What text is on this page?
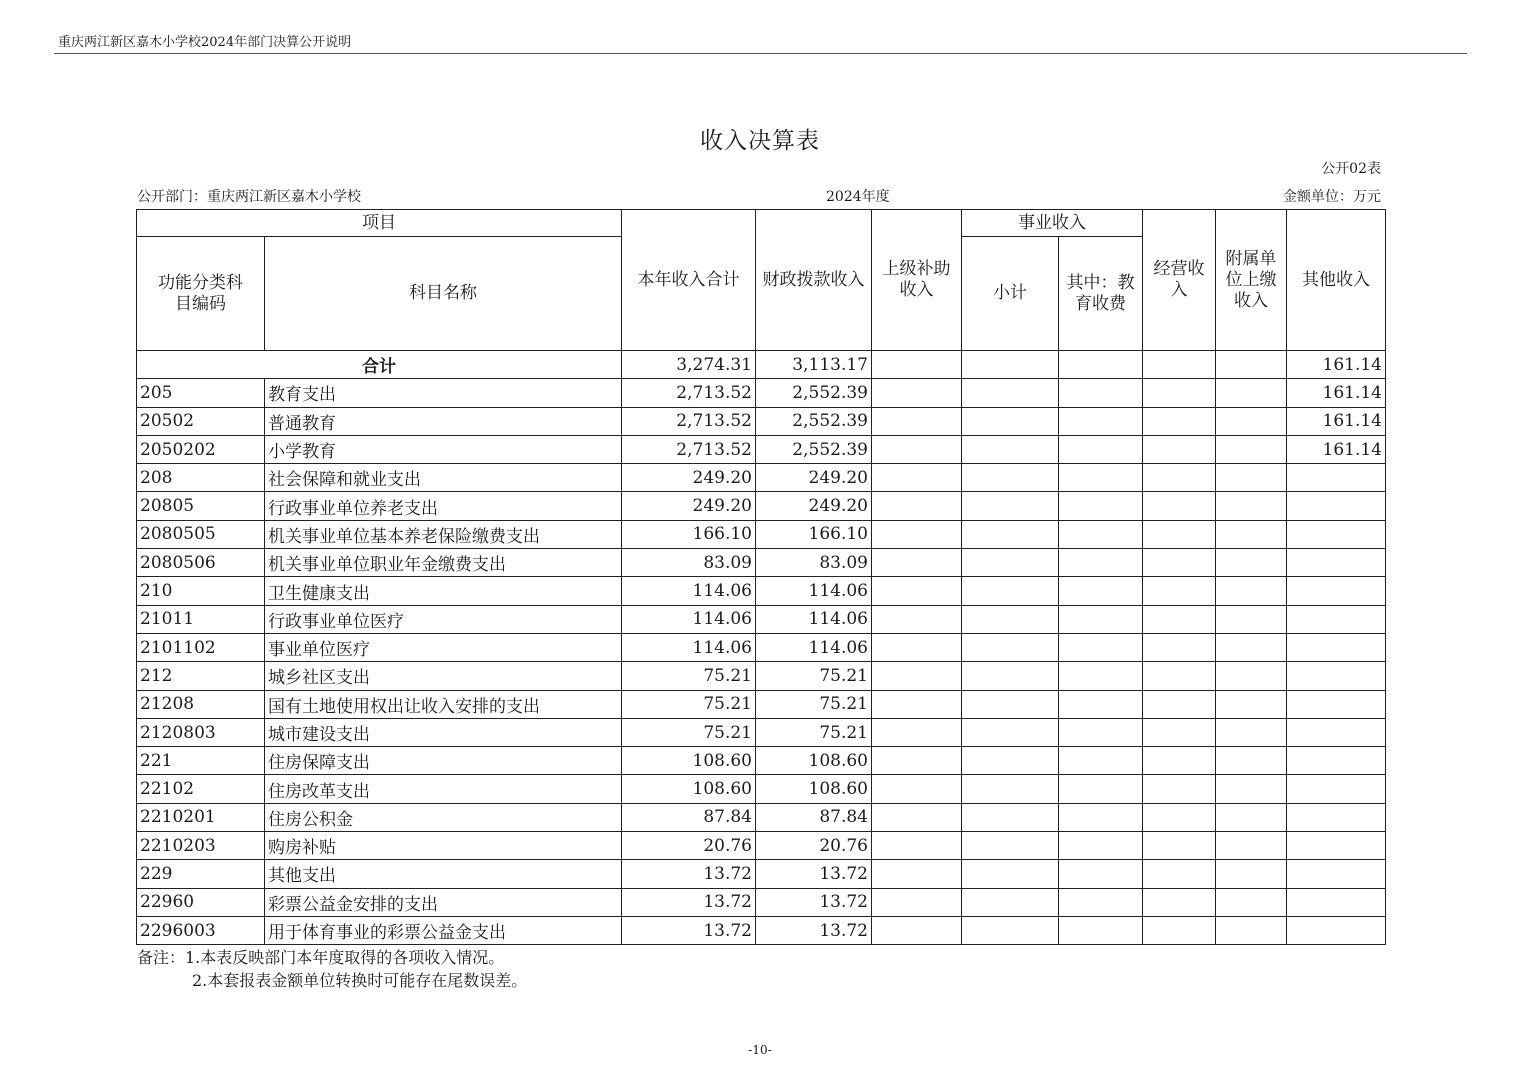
重庆两江新区嘉木小学校2024年部门决算公开说明
收入决算表
公开02表
公开部门：重庆两江新区嘉木小学校	2024年度	金额单位：万元
项目		本年收入合计	财政拨款收入	上级补助收入	事业收入		经营收入	附属单位上缴收入	其他收入
功能分类科目编码	科目名称				小计	其中：教育收费			
合计		3,274.31	3,113.17						161.14
205	教育支出	2,713.52	2,552.39						161.14
20502	普通教育	2,713.52	2,552.39						161.14
2050202	小学教育	2,713.52	2,552.39						161.14
208	社会保障和就业支出	249.20	249.20						
20805	行政事业单位养老支出	249.20	249.20						
2080505	机关事业单位基本养老保险缴费支出	166.10	166.10						
2080506	机关事业单位职业年金缴费支出	83.09	83.09						
210	卫生健康支出	114.06	114.06						
21011	行政事业单位医疗	114.06	114.06						
2101102	事业单位医疗	114.06	114.06						
212	城乡社区支出	75.21	75.21						
21208	国有土地使用权出让收入安排的支出	75.21	75.21						
2120803	城市建设支出	75.21	75.21						
221	住房保障支出	108.60	108.60						
22102	住房改革支出	108.60	108.60						
2210201	住房公积金	87.84	87.84						
2210203	购房补贴	20.76	20.76						
229	其他支出	13.72	13.72						
22960	彩票公益金安排的支出	13.72	13.72						
2296003	用于体育事业的彩票公益金支出	13.72	13.72						
备注：1.本表反映部门本年度取得的各项收入情况。
2.本套报表金额单位转换时可能存在尾数误差。
-10-
